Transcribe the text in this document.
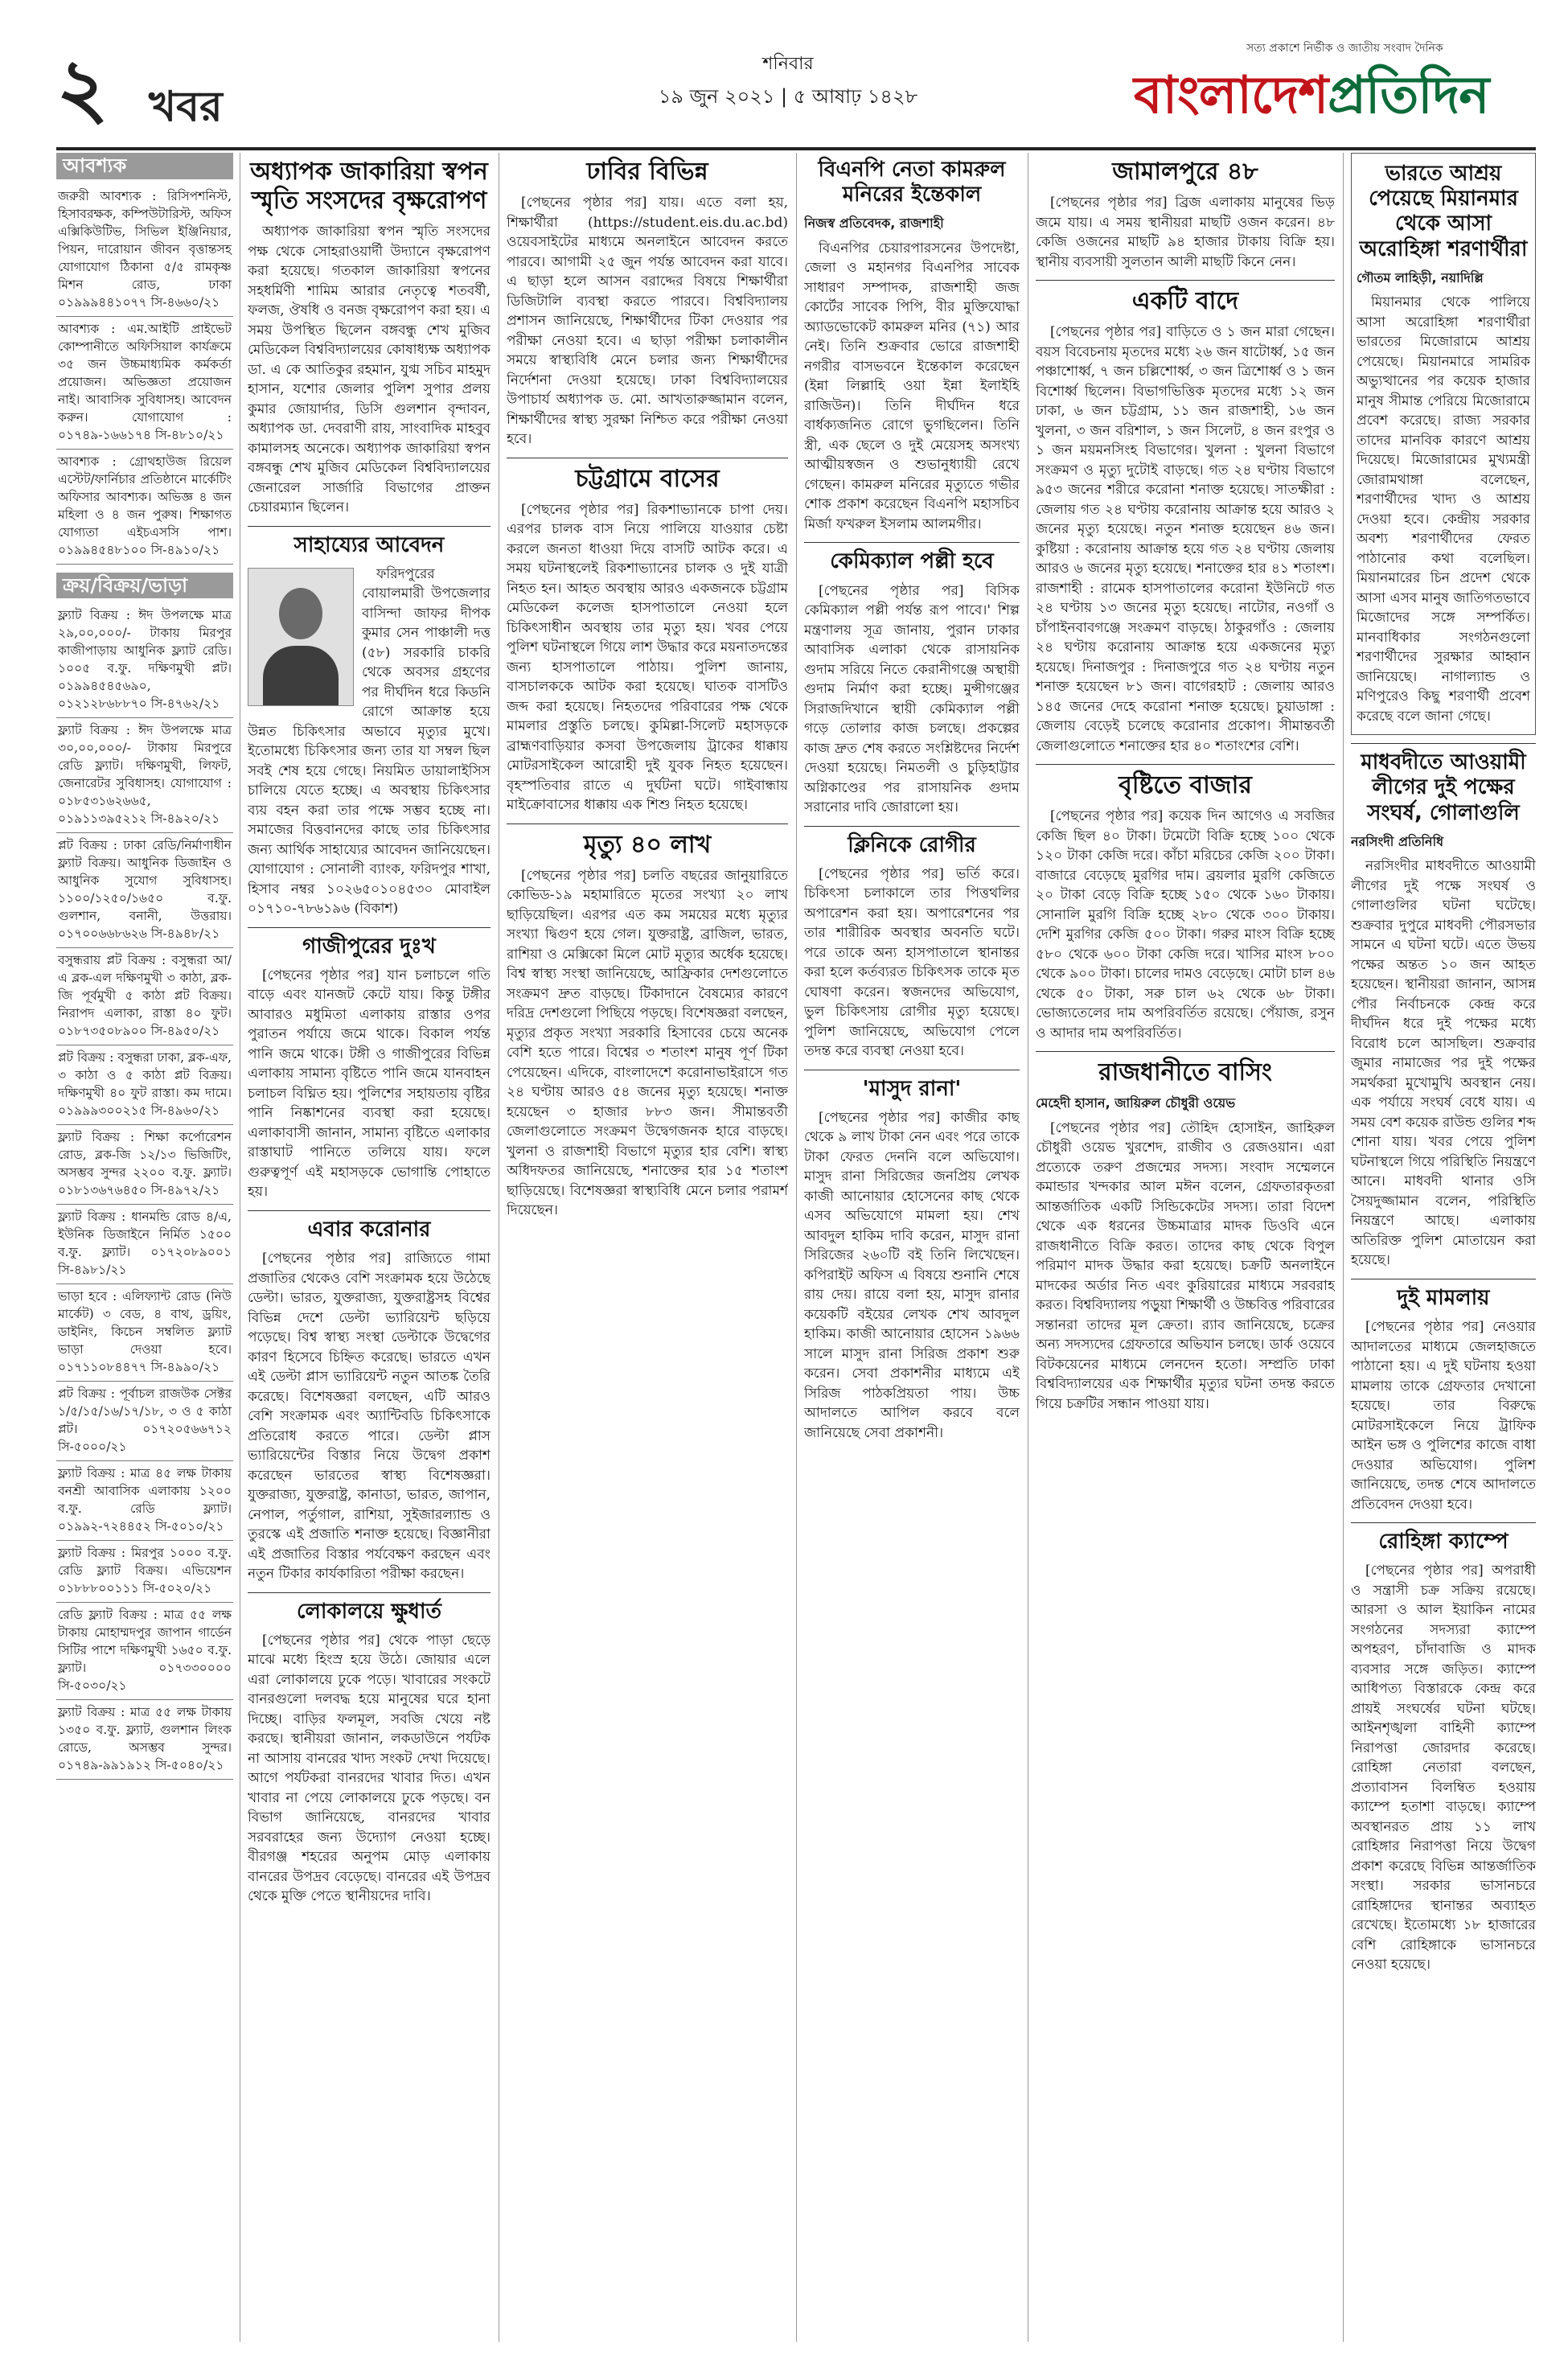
২ খবর
শনিবার
১৯ জুন ২০২১ | ৫ আষাঢ় ১৪২৮
সত্য প্রকাশে নির্ভীক ও জাতীয় সংবাদ দৈনিক
বাংলাদেশপ্রতিদিন
আবশ্যক

জরুরী আবশ্যক : রিসিপশনিস্ট, হিসাবরক্ষক, কম্পিউটারিস্ট, অফিস এক্সিকিউটিভ, সিভিল ইঞ্জিনিয়ার, পিয়ন, দারোয়ান জীবন বৃত্তান্তসহ যোগাযোগ ঠিকানা ৫/৫ রামকৃষ্ণ মিশন রোড, ঢাকা ০১৯৯৯৪৪১০৭৭ সি-৪৬৬০/২১

আবশ্যক : এম.আইটি প্রাইভেট কোম্পানীতে অফিসিয়াল কার্যক্রমে ৩৫ জন উচ্চমাধ্যমিক কর্মকর্তা প্রয়োজন। অভিজ্ঞতা প্রয়োজন নাই। আবাসিক সুবিধাসহ। আবেদন করুন। যোগাযোগ : ০১৭৪৯-১৬৬১৭৪ সি-৪৮১০/২১

আবশ্যক : গ্রোথহাউজ রিয়েল এস্টেট/ফার্নিচার প্রতিষ্ঠানে মার্কেটিং অফিসার আবশ্যক। অভিজ্ঞ ৪ জন মহিলা ও ৪ জন পুরুষ। শিক্ষাগত যোগ্যতা এইচএসসি পাশ। ০১৯৯৪৫৪৮১০০ সি-৪৯১০/২১

ক্রয়/বিক্রয়/ভাড়া

ফ্ল্যাট বিক্রয় : ঈদ উপলক্ষে মাত্র ২৯,০০,০০০/- টাকায় মিরপুর কাজীপাড়ায় আধুনিক ফ্ল্যাট রেডি। ১০০৫ ব.ফু. দক্ষিণমুখী প্লট। ০১৯৯৪৫৪৫৬৯০, ০১২১২৮৬৮৮৭০ সি-৪৭৬২/২১

ফ্ল্যাট বিক্রয় : ঈদ উপলক্ষে মাত্র ৩০,০০,০০০/- টাকায় মিরপুরে রেডি ফ্ল্যাট। দক্ষিণমুখী, লিফট, জেনারেটর সুবিধাসহ। যোগাযোগ : ০১৮৫৩১৬২৬৬৫, ০১৯১১৩৯৫২১২ সি-৪৯২০/২১

প্লট বিক্রয় : ঢাকা রেডি/নির্মাণাধীন ফ্ল্যাট বিক্রয়। আধুনিক ডিজাইন ও আধুনিক সুযোগ সুবিধাসহ। ১১০০/১২৫০/১৬৫০ ব.ফু. গুলশান, বনানী, উত্তরায়। ০১৭০০৬৬৮৬২৬ সি-৪৯৪৮/২১

বসুন্ধরায় প্লট বিক্রয় : বসুন্ধরা আ/এ ব্লক-এল দক্ষিণমুখী ৩ কাঠা, ব্লক-জি পূর্বমুখী ৫ কাঠা প্লট বিক্রয়। নিরাপদ এলাকা, রাস্তা ৪০ ফুট। ০১৮৭৩৫০৮৯০০ সি-৪৯৫০/২১

প্লট বিক্রয় : বসুন্ধরা ঢাকা, ব্লক-এফ, ৩ কাঠা ও ৫ কাঠা প্লট বিক্রয়। দক্ষিণমুখী ৪০ ফুট রাস্তা। কম দামে। ০১৯৯৯৩০০২১৫ সি-৪৯৬০/২১

ফ্ল্যাট বিক্রয় : শিক্ষা কর্পোরেশন রোড, ব্লক-জি ১২/১৩ ভিজিটিং, অসম্ভব সুন্দর ২২০০ ব.ফু. ফ্ল্যাট। ০১৮১৩৬৭৬৪৫০ সি-৪৯৭২/২১

ফ্ল্যাট বিক্রয় : ধানমন্ডি রোড ৪/এ, ইউনিক ডিজাইনে নির্মিত ১৫০০ ব.ফু. ফ্ল্যাট। ০১৭২০৮৯০০১ সি-৪৯৮১/২১

ভাড়া হবে : এলিফ্যান্ট রোড (নিউ মার্কেট) ৩ বেড, ৪ বাথ, ড্রয়িং, ডাইনিং, কিচেন সম্বলিত ফ্ল্যাট ভাড়া দেওয়া হবে। ০১৭১১০৮৪৪৭৭ সি-৪৯৯০/২১

প্লট বিক্রয় : পূর্বাচল রাজউক সেক্টর ১/৫/১৫/১৬/১৭/১৮, ৩ ও ৫ কাঠা প্লট। ০১৭২০৫৬৬৭১২ সি-৫০০০/২১

ফ্ল্যাট বিক্রয় : মাত্র ৪৫ লক্ষ টাকায় বনশ্রী আবাসিক এলাকায় ১২০০ ব.ফু. রেডি ফ্ল্যাট। ০১৯৯২-৭২৪৪৫২ সি-৫০১০/২১

ফ্ল্যাট বিক্রয় : মিরপুর ১০০০ ব.ফু. রেডি ফ্ল্যাট বিক্রয়। এভিয়েশন ০১৮৮৮০০১১১ সি-৫০২০/২১

রেডি ফ্ল্যাট বিক্রয় : মাত্র ৫৫ লক্ষ টাকায় মোহাম্মদপুর জাপান গার্ডেন সিটির পাশে দক্ষিণমুখী ১৬৫০ ব.ফু. ফ্ল্যাট। ০১৭৩৩০০০০ সি-৫০৩০/২১

ফ্ল্যাট বিক্রয় : মাত্র ৫৫ লক্ষ টাকায় ১৩৫০ ব.ফু. ফ্ল্যাট, গুলশান লিংক রোডে, অসম্ভব সুন্দর। ০১৭৪৯-৯৯১৯১২ সি-৫০৪০/২১

অধ্যাপক জাকারিয়া স্বপন স্মৃতি সংসদের বৃক্ষরোপণ

অধ্যাপক জাকারিয়া স্বপন স্মৃতি সংসদের পক্ষ থেকে সোহরাওয়ার্দী উদ্যানে বৃক্ষরোপণ করা হয়েছে। গতকাল জাকারিয়া স্বপনের সহধর্মিণী শামিম আরার নেতৃত্বে শতবর্ষী, ফলজ, ঔষধি ও বনজ বৃক্ষরোপণ করা হয়। এ সময় উপস্থিত ছিলেন বঙ্গবন্ধু শেখ মুজিব মেডিকেল বিশ্ববিদ্যালয়ের কোষাধ্যক্ষ অধ্যাপক ডা. এ কে আতিকুর রহমান, যুগ্ম সচিব মাহমুদ হাসান, যশোর জেলার পুলিশ সুপার প্রলয় কুমার জোয়ার্দার, ডিসি গুলশান বৃন্দাবন, অধ্যাপক ডা. দেবরাণী রায়, সাংবাদিক মাহবুব কামালসহ অনেকে। অধ্যাপক জাকারিয়া স্বপন বঙ্গবন্ধু শেখ মুজিব মেডিকেল বিশ্ববিদ্যালয়ের জেনারেল সার্জারি বিভাগের প্রাক্তন চেয়ারম্যান ছিলেন।

সাহায্যের আবেদন

ফরিদপুরের বোয়ালমারী উপজেলার বাসিন্দা জাফর দীপক কুমার সেন পাঞ্চালী দত্ত (৫৮) সরকারি চাকরি থেকে অবসর গ্রহণের পর দীর্ঘদিন ধরে কিডনি রোগে আক্রান্ত হয়ে উন্নত চিকিৎসার অভাবে মৃত্যুর মুখে। ইতোমধ্যে চিকিৎসার জন্য তার যা সম্বল ছিল সবই শেষ হয়ে গেছে। নিয়মিত ডায়ালাইসিস চালিয়ে যেতে হচ্ছে। এ অবস্থায় চিকিৎসার ব্যয় বহন করা তার পক্ষে সম্ভব হচ্ছে না। সমাজের বিত্তবানদের কাছে তার চিকিৎসার জন্য আর্থিক সাহায্যের আবেদন জানিয়েছেন। যোগাযোগ : সোনালী ব্যাংক, ফরিদপুর শাখা, হিসাব নম্বর ১০২৬৫০১০৪৫৩০ মোবাইল ০১৭১০-৭৮৬১৯৬ (বিকাশ)

গাজীপুরের দুঃখ

[পেছনের পৃষ্ঠার পর] যান চলাচলে গতি বাড়ে এবং যানজট কেটে যায়। কিন্তু টঙ্গীর আবারও মধুমিতা এলাকায় রাস্তার ওপর পুরাতন পর্যায়ে জমে থাকে। বিকাল পর্যন্ত পানি জমে থাকে। টঙ্গী ও গাজীপুরের বিভিন্ন এলাকায় সামান্য বৃষ্টিতে পানি জমে যানবাহন চলাচল বিঘ্নিত হয়। পুলিশের সহায়তায় বৃষ্টির পানি নিষ্কাশনের ব্যবস্থা করা হয়েছে। এলাকাবাসী জানান, সামান্য বৃষ্টিতে এলাকার রাস্তাঘাট পানিতে তলিয়ে যায়। ফলে গুরুত্বপূর্ণ এই মহাসড়কে ভোগান্তি পোহাতে হয়।

এবার করোনার

[পেছনের পৃষ্ঠার পর] রাজ্যিতে গামা প্রজাতির থেকেও বেশি সংক্রামক হয়ে উঠেছে ডেল্টা। ভারত, যুক্তরাজ্য, যুক্তরাষ্ট্রসহ বিশ্বের বিভিন্ন দেশে ডেল্টা ভ্যারিয়েন্ট ছড়িয়ে পড়েছে। বিশ্ব স্বাস্থ্য সংস্থা ডেল্টাকে উদ্বেগের কারণ হিসেবে চিহ্নিত করেছে। ভারতে এখন এই ডেল্টা প্লাস ভ্যারিয়েন্ট নতুন আতঙ্ক তৈরি করেছে। বিশেষজ্ঞরা বলছেন, এটি আরও বেশি সংক্রামক এবং অ্যান্টিবডি চিকিৎসাকে প্রতিরোধ করতে পারে। ডেল্টা প্লাস ভ্যারিয়েন্টের বিস্তার নিয়ে উদ্বেগ প্রকাশ করেছেন ভারতের স্বাস্থ্য বিশেষজ্ঞরা। যুক্তরাজ্য, যুক্তরাষ্ট্র, কানাডা, ভারত, জাপান, নেপাল, পর্তুগাল, রাশিয়া, সুইজারল্যান্ড ও তুরস্কে এই প্রজাতি শনাক্ত হয়েছে। বিজ্ঞানীরা এই প্রজাতির বিস্তার পর্যবেক্ষণ করছেন এবং নতুন টিকার কার্যকারিতা পরীক্ষা করছেন।

লোকালয়ে ক্ষুধার্ত

[পেছনের পৃষ্ঠার পর] থেকে পাড়া ছেড়ে মাঝে মধ্যে হিংস্র হয়ে উঠে। জোয়ার এলে এরা লোকালয়ে ঢুকে পড়ে। খাবারের সংকটে বানরগুলো দলবদ্ধ হয়ে মানুষের ঘরে হানা দিচ্ছে। বাড়ির ফলমূল, সবজি খেয়ে নষ্ট করছে। স্থানীয়রা জানান, লকডাউনে পর্যটক না আসায় বানরের খাদ্য সংকট দেখা দিয়েছে। আগে পর্যটকরা বানরদের খাবার দিত। এখন খাবার না পেয়ে লোকালয়ে ঢুকে পড়ছে। বন বিভাগ জানিয়েছে, বানরদের খাবার সরবরাহের জন্য উদ্যোগ নেওয়া হচ্ছে। বীরগঞ্জ শহরের অনুপম মোড় এলাকায় বানরের উপদ্রব বেড়েছে। বানরের এই উপদ্রব থেকে মুক্তি পেতে স্থানীয়দের দাবি।

ঢাবির বিভিন্ন

[পেছনের পৃষ্ঠার পর] যায়। এতে বলা হয়, শিক্ষার্থীরা (https://student.eis.du.ac.bd) ওয়েবসাইটের মাধ্যমে অনলাইনে আবেদন করতে পারবে। আগামী ২৫ জুন পর্যন্ত আবেদন করা যাবে। এ ছাড়া হলে আসন বরাদ্দের বিষয়ে শিক্ষার্থীরা ডিজিটালি ব্যবস্থা করতে পারবে। বিশ্ববিদ্যালয় প্রশাসন জানিয়েছে, শিক্ষার্থীদের টিকা দেওয়ার পর পরীক্ষা নেওয়া হবে। এ ছাড়া পরীক্ষা চলাকালীন সময়ে স্বাস্থ্যবিধি মেনে চলার জন্য শিক্ষার্থীদের নির্দেশনা দেওয়া হয়েছে। ঢাকা বিশ্ববিদ্যালয়ের উপাচার্য অধ্যাপক ড. মো. আখতারুজ্জামান বলেন, শিক্ষার্থীদের স্বাস্থ্য সুরক্ষা নিশ্চিত করে পরীক্ষা নেওয়া হবে।

চট্টগ্রামে বাসের

[পেছনের পৃষ্ঠার পর] রিকশাভ্যানকে চাপা দেয়। এরপর চালক বাস নিয়ে পালিয়ে যাওয়ার চেষ্টা করলে জনতা ধাওয়া দিয়ে বাসটি আটক করে। এ সময় ঘটনাস্থলেই রিকশাভ্যানের চালক ও দুই যাত্রী নিহত হন। আহত অবস্থায় আরও একজনকে চট্টগ্রাম মেডিকেল কলেজ হাসপাতালে নেওয়া হলে চিকিৎসাধীন অবস্থায় তার মৃত্যু হয়। খবর পেয়ে পুলিশ ঘটনাস্থলে গিয়ে লাশ উদ্ধার করে ময়নাতদন্তের জন্য হাসপাতালে পাঠায়। পুলিশ জানায়, বাসচালককে আটক করা হয়েছে। ঘাতক বাসটিও জব্দ করা হয়েছে। নিহতদের পরিবারের পক্ষ থেকে মামলার প্রস্তুতি চলছে। কুমিল্লা-সিলেট মহাসড়কে ব্রাহ্মণবাড়িয়ার কসবা উপজেলায় ট্রাকের ধাক্কায় মোটরসাইকেল আরোহী দুই যুবক নিহত হয়েছেন। বৃহস্পতিবার রাতে এ দুর্ঘটনা ঘটে। গাইবান্ধায় মাইক্রোবাসের ধাক্কায় এক শিশু নিহত হয়েছে।

মৃত্যু ৪০ লাখ

[পেছনের পৃষ্ঠার পর] চলতি বছরের জানুয়ারিতে কোভিড-১৯ মহামারিতে মৃতের সংখ্যা ২০ লাখ ছাড়িয়েছিল। এরপর এত কম সময়ের মধ্যে মৃত্যুর সংখ্যা দ্বিগুণ হয়ে গেল। যুক্তরাষ্ট্র, ব্রাজিল, ভারত, রাশিয়া ও মেক্সিকো মিলে মোট মৃত্যুর অর্ধেক হয়েছে। বিশ্ব স্বাস্থ্য সংস্থা জানিয়েছে, আফ্রিকার দেশগুলোতে সংক্রমণ দ্রুত বাড়ছে। টিকাদানে বৈষম্যের কারণে দরিদ্র দেশগুলো পিছিয়ে পড়ছে। বিশেষজ্ঞরা বলছেন, মৃত্যুর প্রকৃত সংখ্যা সরকারি হিসাবের চেয়ে অনেক বেশি হতে পারে। বিশ্বের ৩ শতাংশ মানুষ পূর্ণ টিকা পেয়েছেন। এদিকে, বাংলাদেশে করোনাভাইরাসে গত ২৪ ঘণ্টায় আরও ৫৪ জনের মৃত্যু হয়েছে। শনাক্ত হয়েছেন ৩ হাজার ৮৮৩ জন। সীমান্তবর্তী জেলাগুলোতে সংক্রমণ উদ্বেগজনক হারে বাড়ছে। খুলনা ও রাজশাহী বিভাগে মৃত্যুর হার বেশি। স্বাস্থ্য অধিদফতর জানিয়েছে, শনাক্তের হার ১৫ শতাংশ ছাড়িয়েছে। বিশেষজ্ঞরা স্বাস্থ্যবিধি মেনে চলার পরামর্শ দিয়েছেন।

বিএনপি নেতা কামরুল মনিরের ইন্তেকাল
নিজস্ব প্রতিবেদক, রাজশাহী

বিএনপির চেয়ারপারসনের উপদেষ্টা, জেলা ও মহানগর বিএনপির সাবেক সাধারণ সম্পাদক, রাজশাহী জজ কোর্টের সাবেক পিপি, বীর মুক্তিযোদ্ধা অ্যাডভোকেট কামরুল মনির (৭১) আর নেই। তিনি শুক্রবার ভোরে রাজশাহী নগরীর বাসভবনে ইন্তেকাল করেছেন (ইন্না লিল্লাহি ওয়া ইন্না ইলাইহি রাজিউন)। তিনি দীর্ঘদিন ধরে বার্ধক্যজনিত রোগে ভুগছিলেন। তিনি স্ত্রী, এক ছেলে ও দুই মেয়েসহ অসংখ্য আত্মীয়স্বজন ও শুভানুধ্যায়ী রেখে গেছেন। কামরুল মনিরের মৃত্যুতে গভীর শোক প্রকাশ করেছেন বিএনপি মহাসচিব মির্জা ফখরুল ইসলাম আলমগীর।

কেমিক্যাল পল্লী হবে

[পেছনের পৃষ্ঠার পর] বিসিক কেমিক্যাল পল্লী পর্যন্ত রূপ পাবে।' শিল্প মন্ত্রণালয় সূত্র জানায়, পুরান ঢাকার আবাসিক এলাকা থেকে রাসায়নিক গুদাম সরিয়ে নিতে কেরানীগঞ্জে অস্থায়ী গুদাম নির্মাণ করা হচ্ছে। মুন্সীগঞ্জের সিরাজদিখানে স্থায়ী কেমিক্যাল পল্লী গড়ে তোলার কাজ চলছে। প্রকল্পের কাজ দ্রুত শেষ করতে সংশ্লিষ্টদের নির্দেশ দেওয়া হয়েছে। নিমতলী ও চুড়িহাট্টার অগ্নিকাণ্ডের পর রাসায়নিক গুদাম সরানোর দাবি জোরালো হয়।

ক্লিনিকে রোগীর

[পেছনের পৃষ্ঠার পর] ভর্তি করে। চিকিৎসা চলাকালে তার পিত্তথলির অপারেশন করা হয়। অপারেশনের পর তার শারীরিক অবস্থার অবনতি ঘটে। পরে তাকে অন্য হাসপাতালে স্থানান্তর করা হলে কর্তব্যরত চিকিৎসক তাকে মৃত ঘোষণা করেন। স্বজনদের অভিযোগ, ভুল চিকিৎসায় রোগীর মৃত্যু হয়েছে। পুলিশ জানিয়েছে, অভিযোগ পেলে তদন্ত করে ব্যবস্থা নেওয়া হবে।

'মাসুদ রানা'

[পেছনের পৃষ্ঠার পর] কাজীর কাছ থেকে ৯ লাখ টাকা নেন এবং পরে তাকে টাকা ফেরত দেননি বলে অভিযোগ। মাসুদ রানা সিরিজের জনপ্রিয় লেখক কাজী আনোয়ার হোসেনের কাছ থেকে এসব অভিযোগে মামলা হয়। শেখ আবদুল হাকিম দাবি করেন, মাসুদ রানা সিরিজের ২৬০টি বই তিনি লিখেছেন। কপিরাইট অফিস এ বিষয়ে শুনানি শেষে রায় দেয়। রায়ে বলা হয়, মাসুদ রানার কয়েকটি বইয়ের লেখক শেখ আবদুল হাকিম। কাজী আনোয়ার হোসেন ১৯৬৬ সালে মাসুদ রানা সিরিজ প্রকাশ শুরু করেন। সেবা প্রকাশনীর মাধ্যমে এই সিরিজ পাঠকপ্রিয়তা পায়। উচ্চ আদালতে আপিল করবে বলে জানিয়েছে সেবা প্রকাশনী।

জামালপুরে ৪৮

[পেছনের পৃষ্ঠার পর] ব্রিজ এলাকায় মানুষের ভিড় জমে যায়। এ সময় স্থানীয়রা মাছটি ওজন করেন। ৪৮ কেজি ওজনের মাছটি ৯৪ হাজার টাকায় বিক্রি হয়। স্থানীয় ব্যবসায়ী সুলতান আলী মাছটি কিনে নেন।

একটি বাদে

[পেছনের পৃষ্ঠার পর] বাড়িতে ও ১ জন মারা গেছেন। বয়স বিবেচনায় মৃতদের মধ্যে ২৬ জন ষাটোর্ধ্ব, ১৫ জন পঞ্চাশোর্ধ্ব, ৭ জন চল্লিশোর্ধ্ব, ৩ জন ত্রিশোর্ধ্ব ও ১ জন বিশোর্ধ্ব ছিলেন। বিভাগভিত্তিক মৃতদের মধ্যে ১২ জন ঢাকা, ৬ জন চট্টগ্রাম, ১১ জন রাজশাহী, ১৬ জন খুলনা, ৩ জন বরিশাল, ১ জন সিলেট, ৪ জন রংপুর ও ১ জন ময়মনসিংহ বিভাগের। খুলনা : খুলনা বিভাগে সংক্রমণ ও মৃত্যু দুটোই বাড়ছে। গত ২৪ ঘণ্টায় বিভাগে ৯৫৩ জনের শরীরে করোনা শনাক্ত হয়েছে। সাতক্ষীরা : জেলায় গত ২৪ ঘণ্টায় করোনায় আক্রান্ত হয়ে আরও ২ জনের মৃত্যু হয়েছে। নতুন শনাক্ত হয়েছেন ৪৬ জন। কুষ্টিয়া : করোনায় আক্রান্ত হয়ে গত ২৪ ঘণ্টায় জেলায় আরও ৬ জনের মৃত্যু হয়েছে। শনাক্তের হার ৪১ শতাংশ। রাজশাহী : রামেক হাসপাতালের করোনা ইউনিটে গত ২৪ ঘণ্টায় ১৩ জনের মৃত্যু হয়েছে। নাটোর, নওগাঁ ও চাঁপাইনবাবগঞ্জে সংক্রমণ বাড়ছে। ঠাকুরগাঁও : জেলায় ২৪ ঘণ্টায় করোনায় আক্রান্ত হয়ে একজনের মৃত্যু হয়েছে। দিনাজপুর : দিনাজপুরে গত ২৪ ঘণ্টায় নতুন শনাক্ত হয়েছেন ৮১ জন। বাগেরহাট : জেলায় আরও ১৪৫ জনের দেহে করোনা শনাক্ত হয়েছে। চুয়াডাঙ্গা : জেলায় বেড়েই চলেছে করোনার প্রকোপ। সীমান্তবর্তী জেলাগুলোতে শনাক্তের হার ৪০ শতাংশের বেশি।

বৃষ্টিতে বাজার

[পেছনের পৃষ্ঠার পর] কয়েক দিন আগেও এ সবজির কেজি ছিল ৪০ টাকা। টমেটো বিক্রি হচ্ছে ১০০ থেকে ১২০ টাকা কেজি দরে। কাঁচা মরিচের কেজি ২০০ টাকা। বাজারে বেড়েছে মুরগির দাম। ব্রয়লার মুরগি কেজিতে ২০ টাকা বেড়ে বিক্রি হচ্ছে ১৫০ থেকে ১৬০ টাকায়। সোনালি মুরগি বিক্রি হচ্ছে ২৮০ থেকে ৩০০ টাকায়। দেশি মুরগির কেজি ৫০০ টাকা। গরুর মাংস বিক্রি হচ্ছে ৫৮০ থেকে ৬০০ টাকা কেজি দরে। খাসির মাংস ৮০০ থেকে ৯০০ টাকা। চালের দামও বেড়েছে। মোটা চাল ৪৬ থেকে ৫০ টাকা, সরু চাল ৬২ থেকে ৬৮ টাকা। ভোজ্যতেলের দাম অপরিবর্তিত রয়েছে। পেঁয়াজ, রসুন ও আদার দাম অপরিবর্তিত।

রাজধানীতে বাসিং
মেহেদী হাসান, জায়িরুল চৌধুরী ওয়েভ

[পেছনের পৃষ্ঠার পর] তৌহিদ হোসাইন, জাহিরুল চৌধুরী ওয়েভ খুরশেদ, রাজীব ও রেজওয়ান। এরা প্রত্যেকে তরুণ প্রজন্মের সদস্য। সংবাদ সম্মেলনে কমান্ডার খন্দকার আল মঈন বলেন, গ্রেফতারকৃতরা আন্তর্জাতিক একটি সিন্ডিকেটের সদস্য। তারা বিদেশ থেকে এক ধরনের উচ্চমাত্রার মাদক ডিওবি এনে রাজধানীতে বিক্রি করত। তাদের কাছ থেকে বিপুল পরিমাণ মাদক উদ্ধার করা হয়েছে। চক্রটি অনলাইনে মাদকের অর্ডার নিত এবং কুরিয়ারের মাধ্যমে সরবরাহ করত। বিশ্ববিদ্যালয় পড়ুয়া শিক্ষার্থী ও উচ্চবিত্ত পরিবারের সন্তানরা তাদের মূল ক্রেতা। র‌্যাব জানিয়েছে, চক্রের অন্য সদস্যদের গ্রেফতারে অভিযান চলছে। ডার্ক ওয়েবে বিটকয়েনের মাধ্যমে লেনদেন হতো। সম্প্রতি ঢাকা বিশ্ববিদ্যালয়ের এক শিক্ষার্থীর মৃত্যুর ঘটনা তদন্ত করতে গিয়ে চক্রটির সন্ধান পাওয়া যায়।

ভারতে আশ্রয় পেয়েছে মিয়ানমার থেকে আসা অরোহিঙ্গা শরণার্থীরা
গৌতম লাহিড়ী, নয়াদিল্লি

মিয়ানমার থেকে পালিয়ে আসা অরোহিঙ্গা শরণার্থীরা ভারতের মিজোরামে আশ্রয় পেয়েছে। মিয়ানমারে সামরিক অভ্যুত্থানের পর কয়েক হাজার মানুষ সীমান্ত পেরিয়ে মিজোরামে প্রবেশ করেছে। রাজ্য সরকার তাদের মানবিক কারণে আশ্রয় দিয়েছে। মিজোরামের মুখ্যমন্ত্রী জোরামথাঙ্গা বলেছেন, শরণার্থীদের খাদ্য ও আশ্রয় দেওয়া হবে। কেন্দ্রীয় সরকার অবশ্য শরণার্থীদের ফেরত পাঠানোর কথা বলেছিল। মিয়ানমারের চিন প্রদেশ থেকে আসা এসব মানুষ জাতিগতভাবে মিজোদের সঙ্গে সম্পর্কিত। মানবাধিকার সংগঠনগুলো শরণার্থীদের সুরক্ষার আহ্বান জানিয়েছে। নাগাল্যান্ড ও মণিপুরেও কিছু শরণার্থী প্রবেশ করেছে বলে জানা গেছে।

মাধবদীতে আওয়ামী লীগের দুই পক্ষের সংঘর্ষ, গোলাগুলি
নরসিংদী প্রতিনিধি

নরসিংদীর মাধবদীতে আওয়ামী লীগের দুই পক্ষে সংঘর্ষ ও গোলাগুলির ঘটনা ঘটেছে। শুক্রবার দুপুরে মাধবদী পৌরসভার সামনে এ ঘটনা ঘটে। এতে উভয় পক্ষের অন্তত ১০ জন আহত হয়েছেন। স্থানীয়রা জানান, আসন্ন পৌর নির্বাচনকে কেন্দ্র করে দীর্ঘদিন ধরে দুই পক্ষের মধ্যে বিরোধ চলে আসছিল। শুক্রবার জুমার নামাজের পর দুই পক্ষের সমর্থকরা মুখোমুখি অবস্থান নেয়। এক পর্যায়ে সংঘর্ষ বেধে যায়। এ সময় বেশ কয়েক রাউন্ড গুলির শব্দ শোনা যায়। খবর পেয়ে পুলিশ ঘটনাস্থলে গিয়ে পরিস্থিতি নিয়ন্ত্রণে আনে। মাধবদী থানার ওসি সৈয়দুজ্জামান বলেন, পরিস্থিতি নিয়ন্ত্রণে আছে। এলাকায় অতিরিক্ত পুলিশ মোতায়েন করা হয়েছে।

দুই মামলায়

[পেছনের পৃষ্ঠার পর] নেওয়ার আদালতের মাধ্যমে জেলহাজতে পাঠানো হয়। এ দুই ঘটনায় হওয়া মামলায় তাকে গ্রেফতার দেখানো হয়েছে। তার বিরুদ্ধে মোটরসাইকেলে নিয়ে ট্রাফিক আইন ভঙ্গ ও পুলিশের কাজে বাধা দেওয়ার অভিযোগ। পুলিশ জানিয়েছে, তদন্ত শেষে আদালতে প্রতিবেদন দেওয়া হবে।

রোহিঙ্গা ক্যাম্পে

[পেছনের পৃষ্ঠার পর] অপরাধী ও সন্ত্রাসী চক্র সক্রিয় রয়েছে। আরসা ও আল ইয়াকিন নামের সংগঠনের সদস্যরা ক্যাম্পে অপহরণ, চাঁদাবাজি ও মাদক ব্যবসার সঙ্গে জড়িত। ক্যাম্পে আধিপত্য বিস্তারকে কেন্দ্র করে প্রায়ই সংঘর্ষের ঘটনা ঘটছে। আইনশৃঙ্খলা বাহিনী ক্যাম্পে নিরাপত্তা জোরদার করেছে। রোহিঙ্গা নেতারা বলছেন, প্রত্যাবাসন বিলম্বিত হওয়ায় ক্যাম্পে হতাশা বাড়ছে। ক্যাম্পে অবস্থানরত প্রায় ১১ লাখ রোহিঙ্গার নিরাপত্তা নিয়ে উদ্বেগ প্রকাশ করেছে বিভিন্ন আন্তর্জাতিক সংস্থা। সরকার ভাসানচরে রোহিঙ্গাদের স্থানান্তর অব্যাহত রেখেছে। ইতোমধ্যে ১৮ হাজারের বেশি রোহিঙ্গাকে ভাসানচরে নেওয়া হয়েছে।
